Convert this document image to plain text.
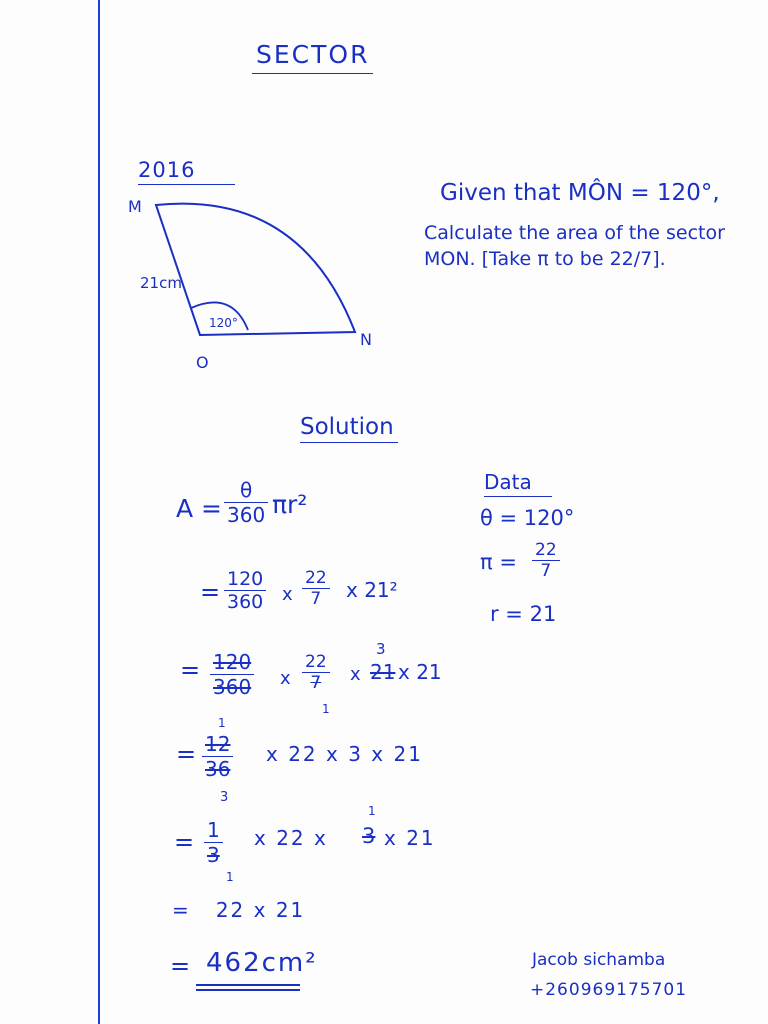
SECTOR
2016
M
N
O
21cm
120°
Given that MÔN = 120°,
Calculate the area of the sector
MON. [Take π to be 22/7].
Solution
Data
θ = 120°
$\pi = \frac{22}{7}$
r = 21
$A = \frac{\theta}{360} \pi r^2$
= $\frac{120}{360}$ x $\frac{22}{7}$ x 21²
= $\frac{120}{360}$ x $\frac{22}{7}$
1
x
3
21 x 21
1
= $\frac{12}{36}$
3
x 22 x 3 x 21
= $\frac{1}{3}$
1
x 22 x
1
3 x 21
=   22 x 21
= 462cm²	Jacob sichamba
+260969175701
